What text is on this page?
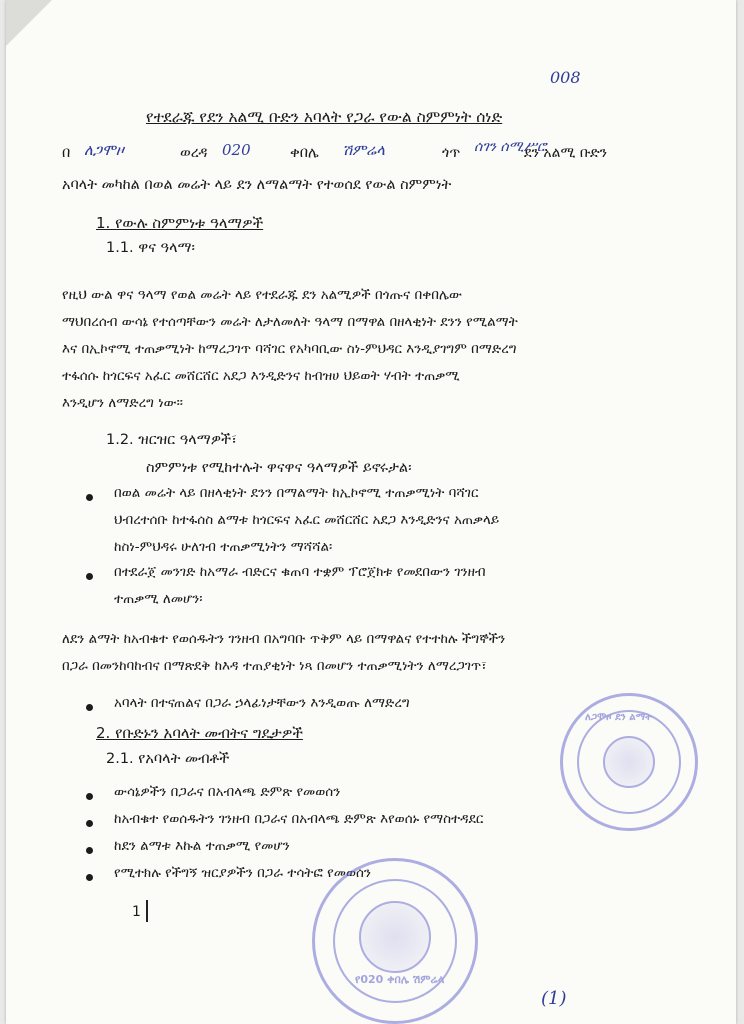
008
የተደራጁ የደን አልሚ ቡድን አባላት የጋራ የውል ስምምነት ሰነድ
በ ለጋሞዞ	ወረዳ 020	ቀበሌ ሽምሬላ	ጎጥ ሰገን ሰሚሥሮ
ደን አልሚ ቡድን
አባላት መካከል በወል መሬት ላይ ደን ለማልማት የተወሰደ የውል ስምምነት
1. የውሉ ስምምነቱ ዓላማዎች
1.1. ዋና ዓላማ፡
የዚህ ውል ዋና ዓላማ የወል መሬት ላይ የተደራጁ ደን አልሚዎች በጎጡና በቀበሌው
ማህበረሰብ ውሳኔ የተሰጣቸውን መሬት ለታለመለት ዓላማ በማዋል በዘላቂነት ደንን የሚልማት
እና በኢኮኖሚ ተጠቃሚነት ከማረጋገጥ ባሻገር የአካባቢው ስነ-ምህዳር እንዲያገግም በማድረግ
ተፋሰሱ ከጎርፍና አፈር መሸርሸር አደጋ እንዲድንና ከብዝሀ ህይወት ሃብት ተጠቃሚ
እንዲሆን ለማድረግ ነው፡፡
1.2. ዝርዝር ዓላማዎች፣
ስምምነቱ የሚከተሉት ዋናዋና ዓላማዎች ይኖሩታል፡
በወል መሬት ላይ በዘላቂነት ደንን በማልማት ከኢኮኖሚ ተጠቃሚነት ባሻገር
ህብረተሰቡ ከተፋሰስ ልማቱ ከጎርፍና አፈር መሸርሸር አደጋ እንዲድንና አጠቃላይ
ከስነ-ምህዳሩ ሁለገብ ተጠቃሚነትን ማሻሻል፡
በተደራጀ መንገድ ከአማራ ብድርና ቁጠባ ተቋም ፕሮጀክቱ የመደበውን ገንዘብ
ተጠቃሚ ለመሆን፡
ለደን ልማት ከአብቁተ የወሰዱትን ገንዘብ በአግባቡ ጥቅም ላይ በማዋልና የተተከሉ ችግኞችን
በጋራ በመንከባከብና በማጽደቅ ከእዳ ተጠያቂነት ነጻ በመሆን ተጠቃሚነትን ለማረጋገጥ፣
አባላት በተናጠልና በጋራ ኃላፊነታቸውን እንዲወጡ ለማድረግ
2. የቡድኑን አባላት መብትና ግዴታዎች
2.1. የአባላት መብቶች
ውሳኔዎችን በጋራና በአብላጫ ድምጽ የመወሰን
ከአብቁተ የወሰዱትን ገንዘብ በጋራና በአብላጫ ድምጽ እየወሰኑ የማስተዳደር
ከደን ልማቱ እኩል ተጠቃሚ የመሆን
የሚተክሉ የችግኝ ዝርያዎችን በጋራ ተሳትፎ የመወሰን
1
(1)
ለጋሞዞ ደን ልማት
የ020 ቀበሌ ሽምሬላ
